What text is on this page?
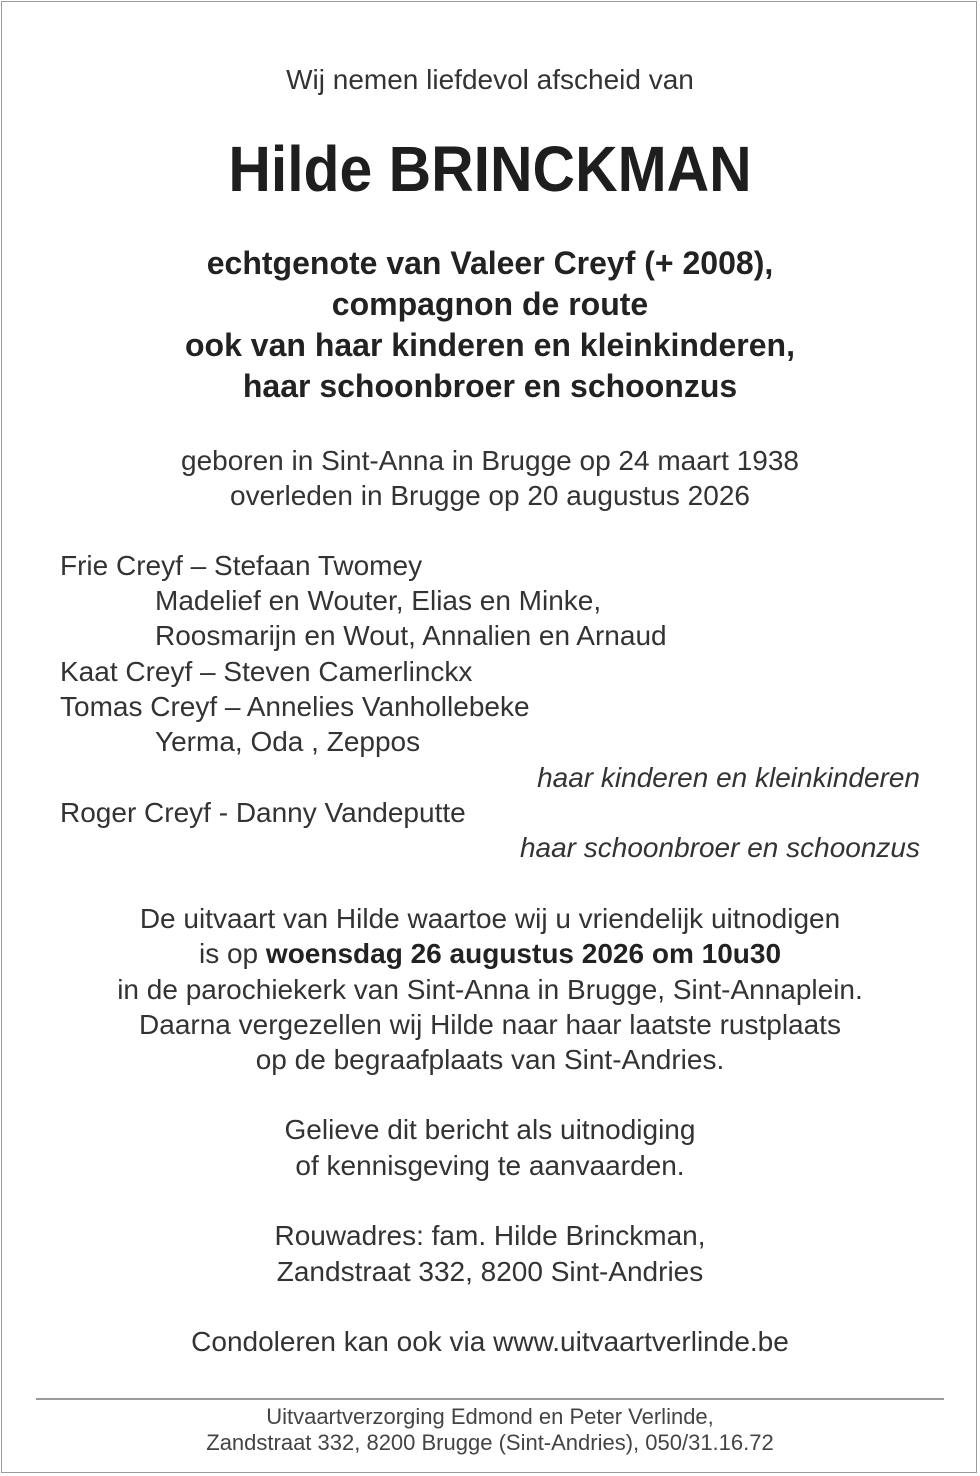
Wij nemen liefdevol afscheid van

Hilde BRINCKMAN

echtgenote van Valeer Creyf (+ 2008),

compagnon de route

ook van haar kinderen en kleinkinderen,

haar schoonbroer en schoonzus

geboren in Sint-Anna in Brugge op 24 maart 1938

overleden in Brugge op 20 augustus 2026

Frie Creyf – Stefaan Twomey

Madelief en Wouter, Elias en Minke,

Roosmarijn en Wout, Annalien en Arnaud

Kaat Creyf – Steven Camerlinckx

Tomas Creyf – Annelies Vanhollebeke

Yerma, Oda , Zeppos

haar kinderen en kleinkinderen

Roger Creyf - Danny Vandeputte

haar schoonbroer en schoonzus

De uitvaart van Hilde waartoe wij u vriendelijk uitnodigen

is op woensdag 26 augustus 2026 om 10u30

in de parochiekerk van Sint-Anna in Brugge, Sint-Annaplein.

Daarna vergezellen wij Hilde naar haar laatste rustplaats

op de begraafplaats van Sint-Andries.

Gelieve dit bericht als uitnodiging

of kennisgeving te aanvaarden.

Rouwadres: fam. Hilde Brinckman,

Zandstraat 332, 8200 Sint-Andries

Condoleren kan ook via www.uitvaartverlinde.be

Uitvaartverzorging Edmond en Peter Verlinde,

Zandstraat 332, 8200 Brugge (Sint-Andries), 050/31.16.72
